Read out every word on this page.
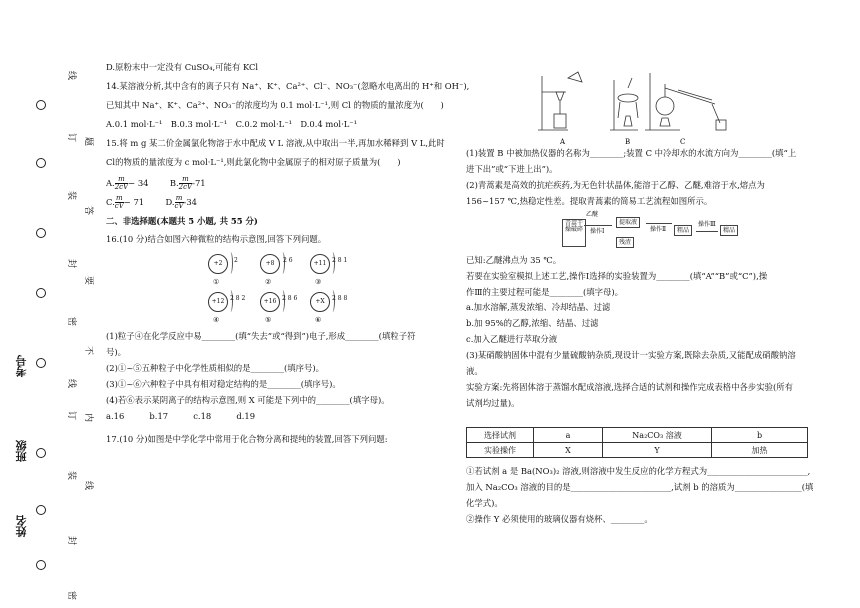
考号
班级
姓名
线
订
装
封
密
线
订
装
封
密
题
答
要
不
内
线

D.原粉末中一定没有 CuSO₄,可能有 KCl

14.某溶液分析,其中含有的离子只有 Na⁺、K⁺、Ca²⁺、Cl⁻、NO₃⁻(忽略水电离出的 H⁺和 OH⁻),

已知其中 Na⁺、K⁺、Ca²⁺、NO₃⁻的浓度均为 0.1 mol·L⁻¹,则 Cl 的物质的量浓度为(　　)

A.0.1 mol·L⁻¹　B.0.3 mol·L⁻¹　C.0.2 mol·L⁻¹　D.0.4 mol·L⁻¹

15.将 m g 某二价金属氯化物溶于水中配成 V L 溶液,从中取出一半,再加水稀释到 V L,此时

Cl的物质的量浓度为 c mol·L⁻¹,则此氯化物中金属原子的相对原子质量为(　　)

A. $\frac{m}{2cV} - 34$	B. $\frac{m}{2cV} -71$

C. $\frac{m}{cV} - 71$	D. $\frac{m}{cV} -34$

二、非选择题(本题共 5 小题, 共 55 分)

16.(10 分)结合如图六种微粒的结构示意图,回答下列问题。

+2	2
①
+8	2 6
②
+11 2 8 1
③
+12 2 8 2
④
+16 2 8 6
⑤
+X	2 8 8
⑥

(1)粒子④在化学反应中易________(填“失去”或“得到”)电子,形成________(填粒子符

号)。

(2)①~⑤五种粒子中化学性质相似的是________(填序号)。

(3)①~⑥六种粒子中具有相对稳定结构的是________(填序号)。

(4)若⑥表示某阴离子的结构示意图,则 X 可能是下列中的________(填字母)。

a.16　　　b.17　　　c.18　　　d.19

17.(10 分)如图是中学化学中常用于化合物分离和提纯的装置,回答下列问题:

A	B	C

(1)装置 B 中被加热仪器的名称为________;装置 C 中冷却水的水流方向为________(填“上

进下出”或“下进上出”)。

(2)青蒿素是高效的抗疟疾药,为无色针状晶体,能溶于乙醇、乙醚,难溶于水,熔点为

156~157 ℃,热稳定性差。提取青蒿素的简易工艺流程如图所示。

青蒿干燥破碎
乙醚
操作Ⅰ
提取液
残渣
操作Ⅱ	粗品
操作Ⅲ
精品

已知:乙醚沸点为 35 ℃。

若要在实验室模拟上述工艺,操作Ⅰ选择的实验装置为________(填“A”“B”或“C”),操

作Ⅲ的主要过程可能是________(填字母)。

a.加水溶解,蒸发浓缩、冷却结晶、过滤

b.加 95%的乙醇,浓缩、结晶、过滤

c.加入乙醚进行萃取分液

(3)某硝酸钠固体中混有少量硫酸钠杂质,现设计一实验方案,既除去杂质,又能配成硝酸钠溶

液。

实验方案:先将固体溶于蒸馏水配成溶液,选择合适的试剂和操作完成表格中各步实验(所有

试剂均过量)。

选择试剂	a	Na₂CO₃ 溶液	b
实验操作	X	Y	加热

①若试剂 a 是 Ba(NO₃)₂ 溶液,则溶液中发生反应的化学方程式为________________________,

加入 Na₂CO₃ 溶液的目的是________________________,试剂 b 的溶质为________________(填

化学式)。

②操作 Y 必须使用的玻璃仪器有烧杯、________。
